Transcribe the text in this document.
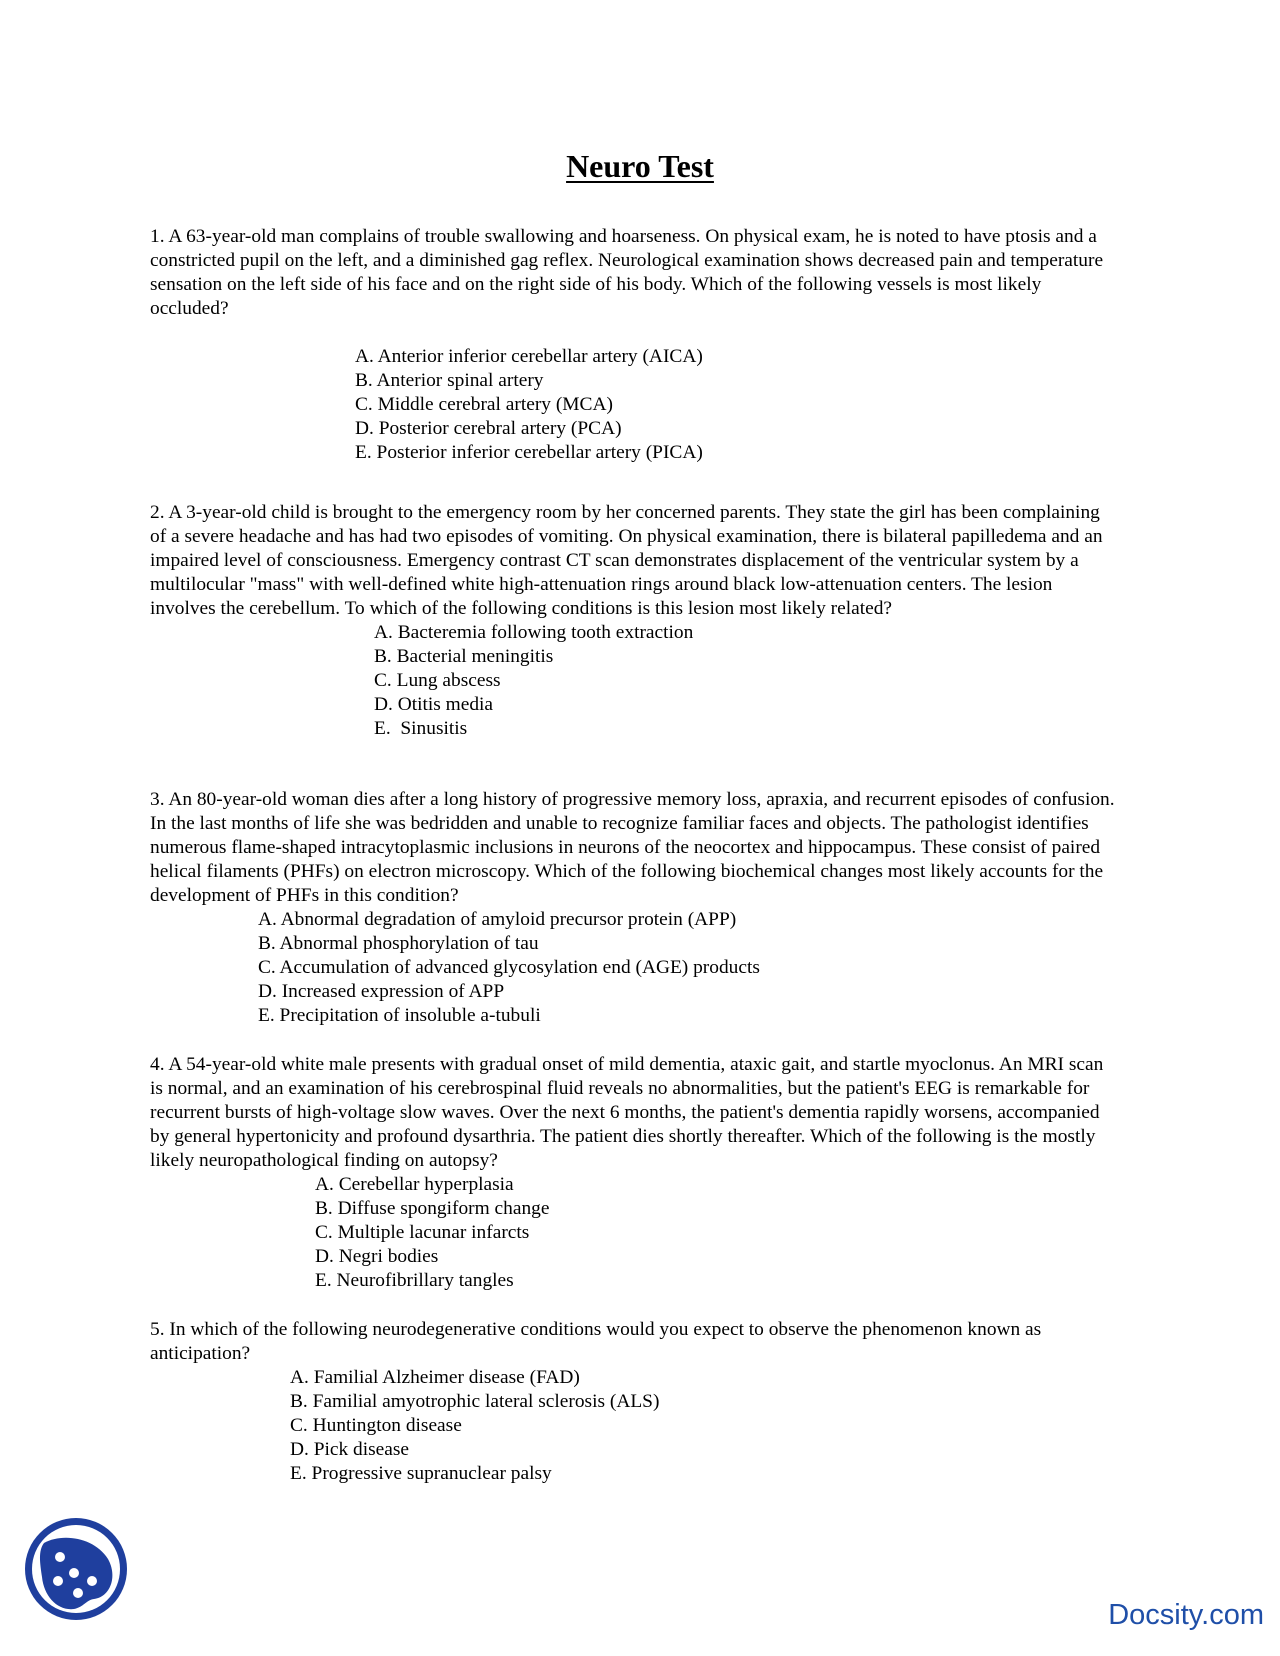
Neuro Test

1. A 63-year-old man complains of trouble swallowing and hoarseness. On physical exam, he is noted to have ptosis and a constricted pupil on the left, and a diminished gag reflex. Neurological examination shows decreased pain and temperature sensation on the left side of his face and on the right side of his body. Which of the following vessels is most likely occluded?

A. Anterior inferior cerebellar artery (AICA)
B. Anterior spinal artery
C. Middle cerebral artery (MCA)
D. Posterior cerebral artery (PCA)
E. Posterior inferior cerebellar artery (PICA)

2. A 3-year-old child is brought to the emergency room by her concerned parents. They state the girl has been complaining of a severe headache and has had two episodes of vomiting. On physical examination, there is bilateral papilledema and an impaired level of consciousness. Emergency contrast CT scan demonstrates displacement of the ventricular system by a multilocular "mass" with well-defined white high-attenuation rings around black low-attenuation centers. The lesion involves the cerebellum. To which of the following conditions is this lesion most likely related?

A. Bacteremia following tooth extraction
B. Bacterial meningitis
C. Lung abscess
D. Otitis media
E.  Sinusitis

3. An 80-year-old woman dies after a long history of progressive memory loss, apraxia, and recurrent episodes of confusion. In the last months of life she was bedridden and unable to recognize familiar faces and objects. The pathologist identifies numerous flame-shaped intracytoplasmic inclusions in neurons of the neocortex and hippocampus. These consist of paired helical filaments (PHFs) on electron microscopy. Which of the following biochemical changes most likely accounts for the development of PHFs in this condition?

A. Abnormal degradation of amyloid precursor protein (APP)
B. Abnormal phosphorylation of tau
C. Accumulation of advanced glycosylation end (AGE) products
D. Increased expression of APP
E. Precipitation of insoluble a-tubuli

4. A 54-year-old white male presents with gradual onset of mild dementia, ataxic gait, and startle myoclonus. An MRI scan is normal, and an examination of his cerebrospinal fluid reveals no abnormalities, but the patient's EEG is remarkable for recurrent bursts of high-voltage slow waves. Over the next 6 months, the patient's dementia rapidly worsens, accompanied by general hypertonicity and profound dysarthria. The patient dies shortly thereafter. Which of the following is the mostly likely neuropathological finding on autopsy?

A. Cerebellar hyperplasia
B. Diffuse spongiform change
C. Multiple lacunar infarcts
D. Negri bodies
E. Neurofibrillary tangles

5. In which of the following neurodegenerative conditions would you expect to observe the phenomenon known as anticipation?

A. Familial Alzheimer disease (FAD)
B. Familial amyotrophic lateral sclerosis (ALS)
C. Huntington disease
D. Pick disease
E. Progressive supranuclear palsy
Docsity.com
